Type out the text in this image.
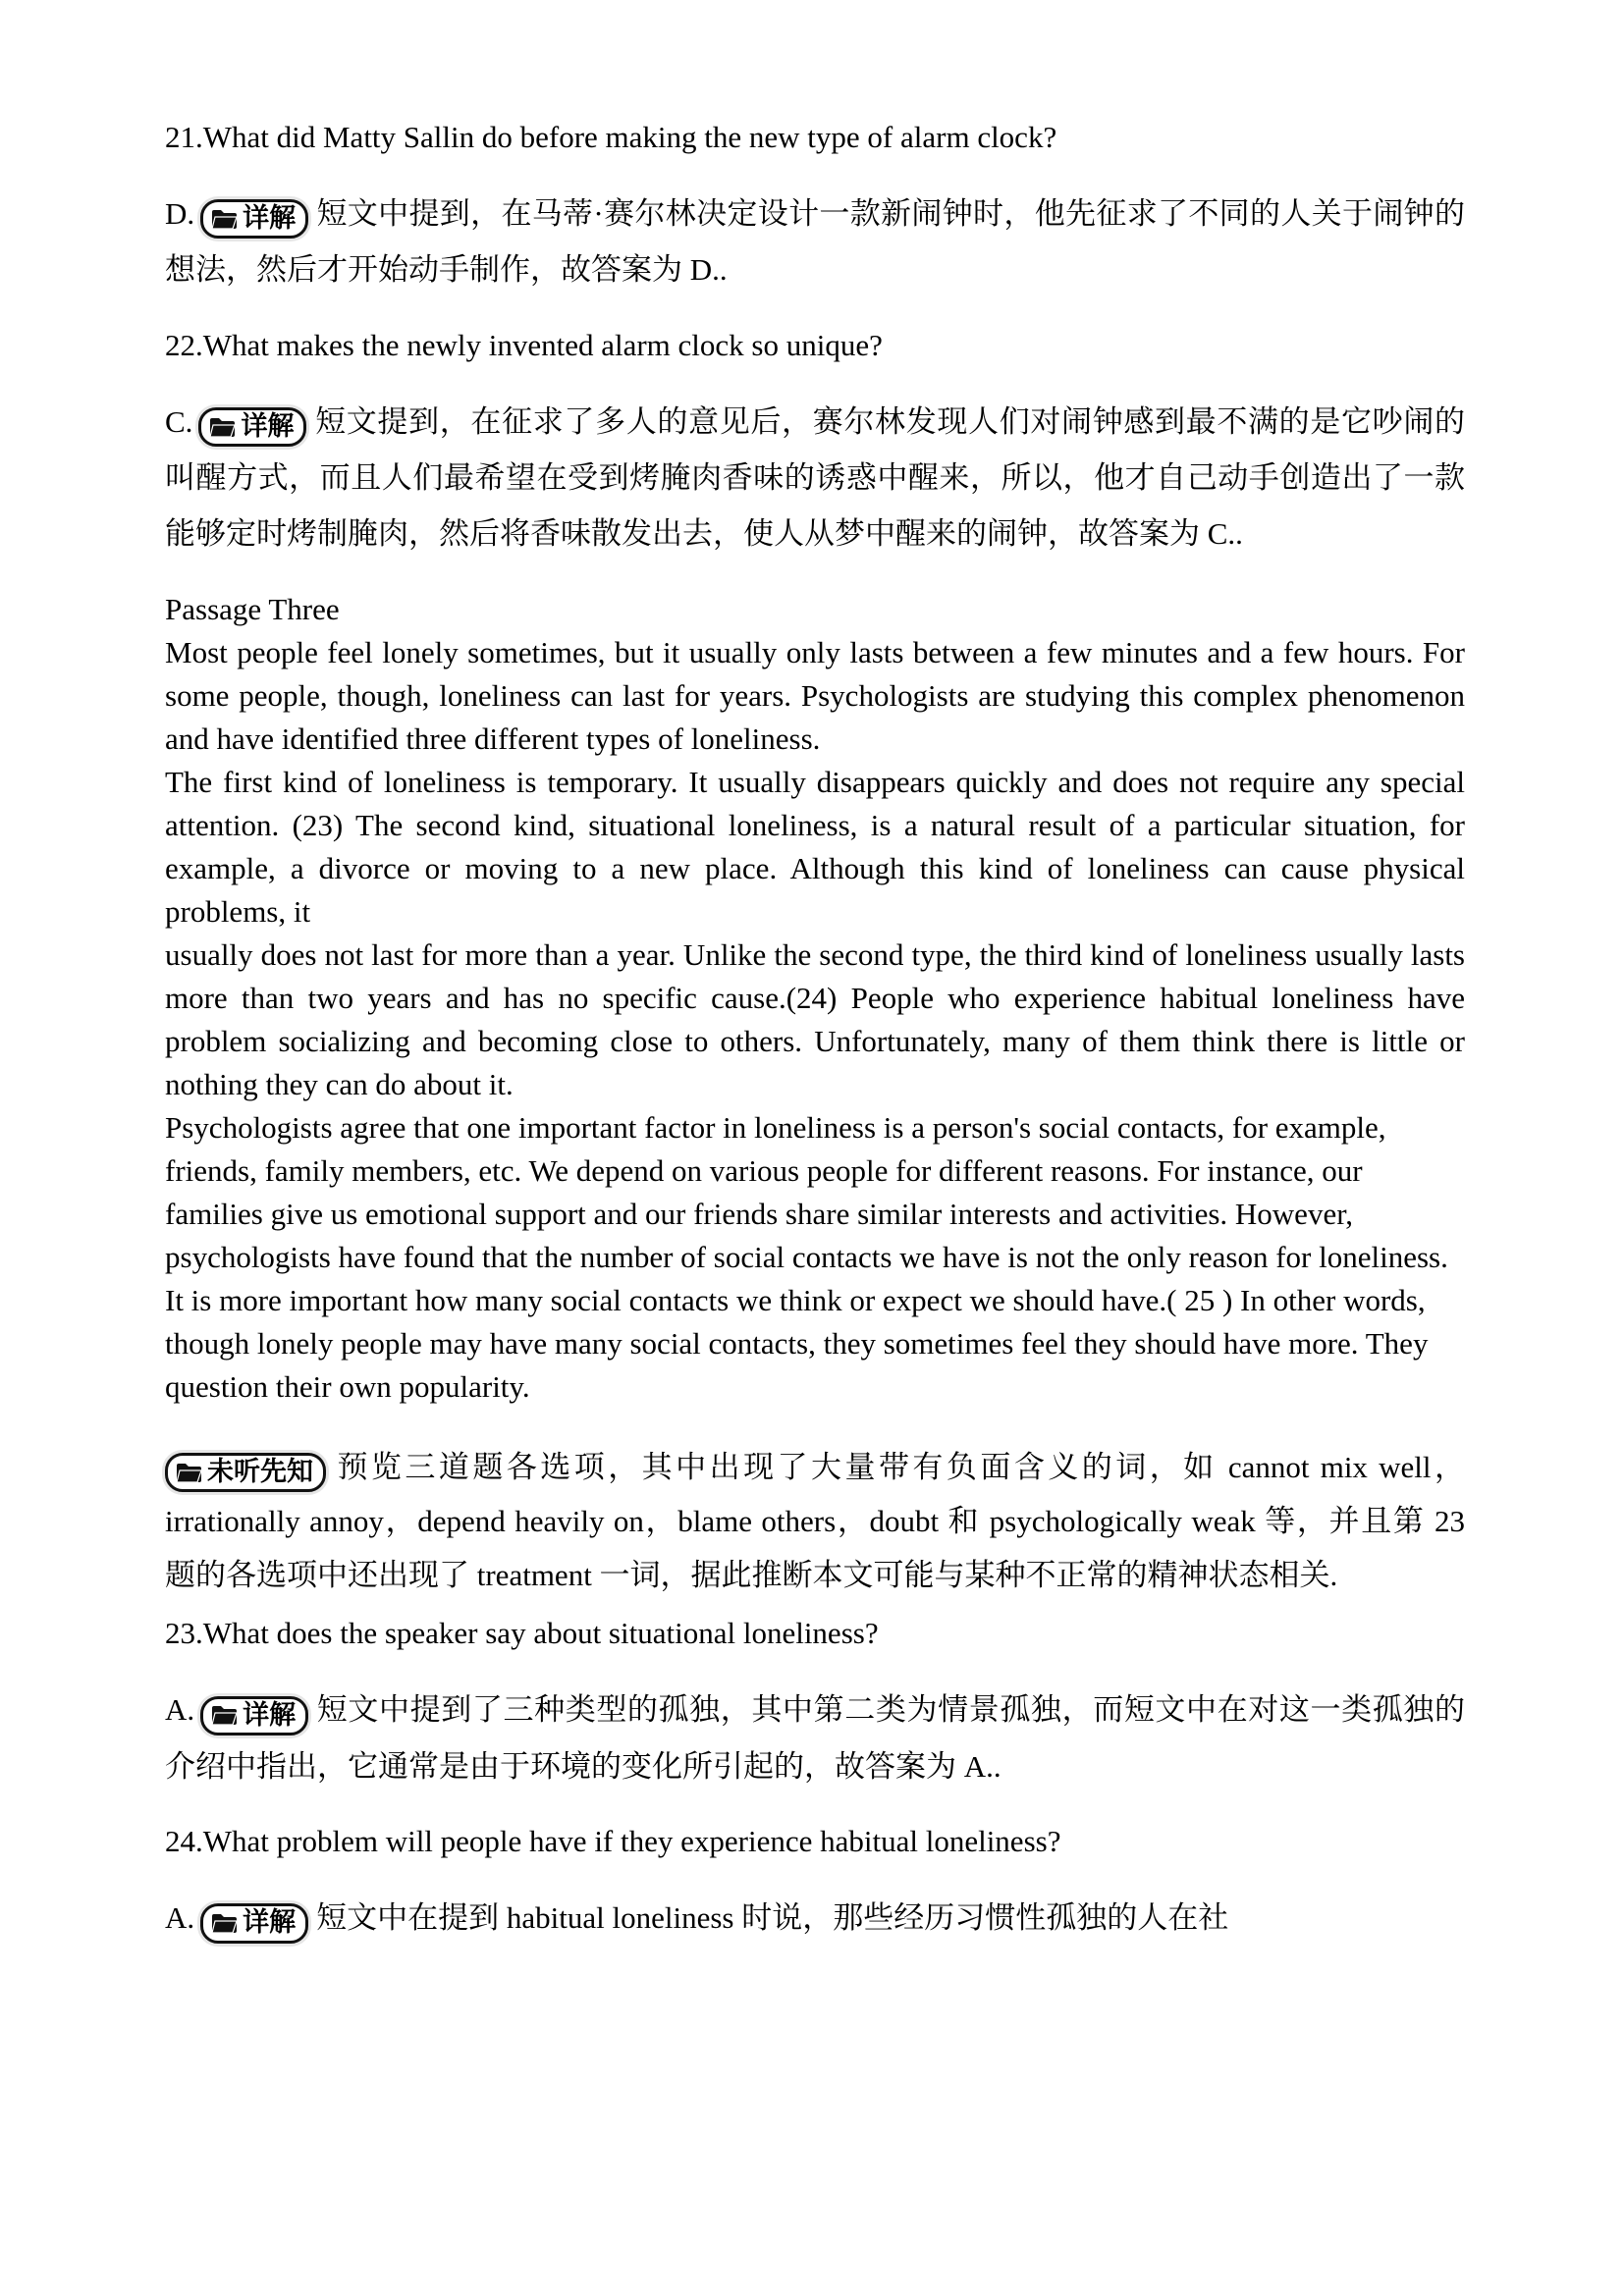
21.What did Matty Sallin do before making the new type of alarm clock?

D. 详解 短文中提到，在马蒂·赛尔林决定设计一款新闹钟时，他先征求了不同的人关于闹钟的想法，然后才开始动手制作，故答案为 D..

22.What makes the newly invented alarm clock so unique?

C. 详解 短文提到，在征求了多人的意见后，赛尔林发现人们对闹钟感到最不满的是它吵闹的叫醒方式，而且人们最希望在受到烤腌肉香味的诱惑中醒来，所以，他才自己动手创造出了一款能够定时烤制腌肉，然后将香味散发出去，使人从梦中醒来的闹钟，故答案为 C..

Passage Three

Most people feel lonely sometimes, but it usually only lasts between a few minutes and a few hours. For some people, though, loneliness can last for years. Psychologists are studying this complex phenomenon and have identified three different types of loneliness.

The first kind of loneliness is temporary. It usually disappears quickly and does not require any special attention. (23) The second kind, situational loneliness, is a natural result of a particular situation, for example, a divorce or moving to a new place. Although this kind of loneliness can cause physical problems, it

usually does not last for more than a year. Unlike the second type, the third kind of loneliness usually lasts more than two years and has no specific cause.(24) People who experience habitual loneliness have problem socializing and becoming close to others. Unfortunately, many of them think there is little or nothing they can do about it.

Psychologists agree that one important factor in loneliness is a person's social contacts, for example, friends, family members, etc. We depend on various people for different reasons. For instance, our families give us emotional support and our friends share similar interests and activities. However, psychologists have found that the number of social contacts we have is not the only reason for loneliness. It is more important how many social contacts we think or expect we should have.( 25 ) In other words, though lonely people may have many social contacts, they sometimes feel they should have more. They question their own popularity.

未听先知 预览三道题各选项，其中出现了大量带有负面含义的词，如 cannot mix well，irrationally annoy，depend heavily on，blame others，doubt 和 psychologically weak 等，并且第 23 题的各选项中还出现了 treatment 一词，据此推断本文可能与某种不正常的精神状态相关.

23.What does the speaker say about situational loneliness?

A. 详解 短文中提到了三种类型的孤独，其中第二类为情景孤独，而短文中在对这一类孤独的介绍中指出，它通常是由于环境的变化所引起的，故答案为 A..

24.What problem will people have if they experience habitual loneliness?

A. 详解 短文中在提到 habitual loneliness 时说，那些经历习惯性孤独的人在社
